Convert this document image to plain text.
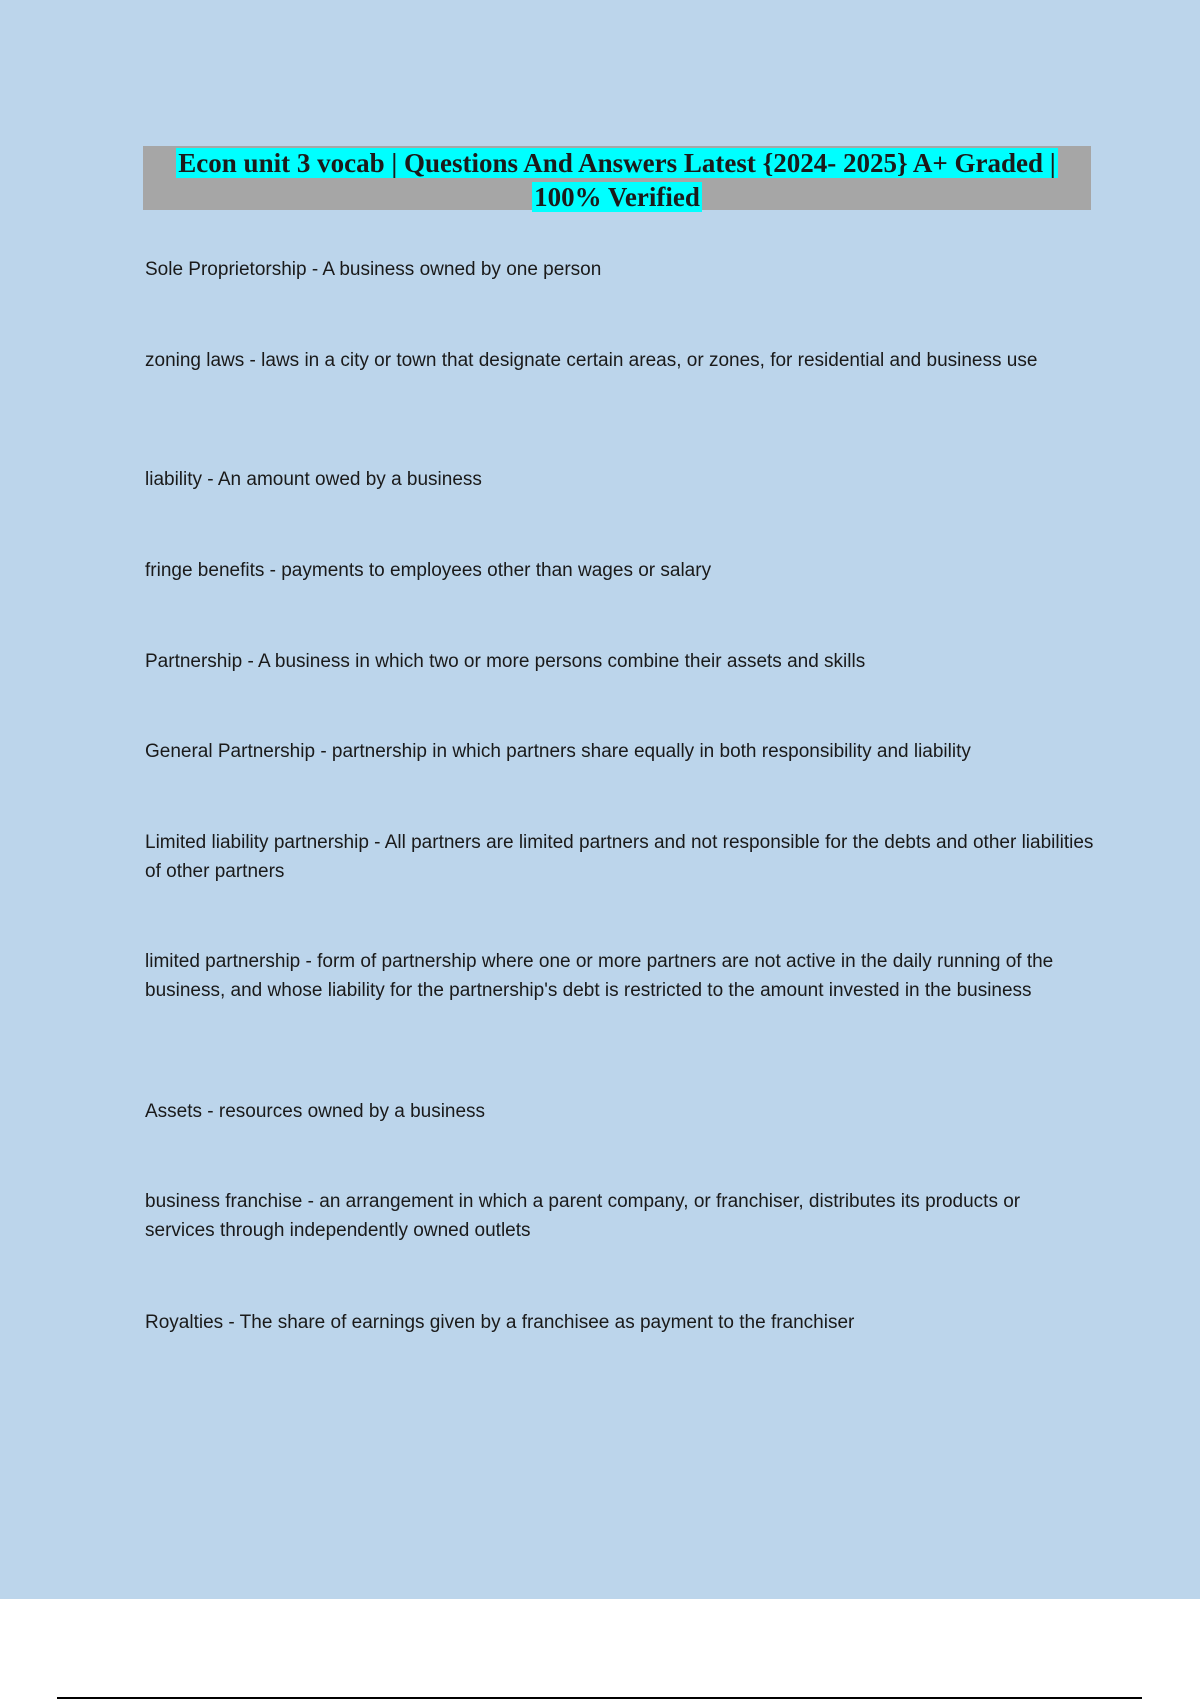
Econ unit 3 vocab | Questions And Answers Latest {2024- 2025} A+ Graded |
100% Verified
Sole Proprietorship - A business owned by one person
zoning laws - laws in a city or town that designate certain areas, or zones, for residential and business use
liability - An amount owed by a business
fringe benefits - payments to employees other than wages or salary
Partnership - A business in which two or more persons combine their assets and skills
General Partnership - partnership in which partners share equally in both responsibility and liability
Limited liability partnership - All partners are limited partners and not responsible for the debts and other liabilities of other partners
limited partnership - form of partnership where one or more partners are not active in the daily running of the business, and whose liability for the partnership's debt is restricted to the amount invested in the business
Assets - resources owned by a business
business franchise - an arrangement in which a parent company, or franchiser, distributes its products or services through independently owned outlets
Royalties - The share of earnings given by a franchisee as payment to the franchiser
